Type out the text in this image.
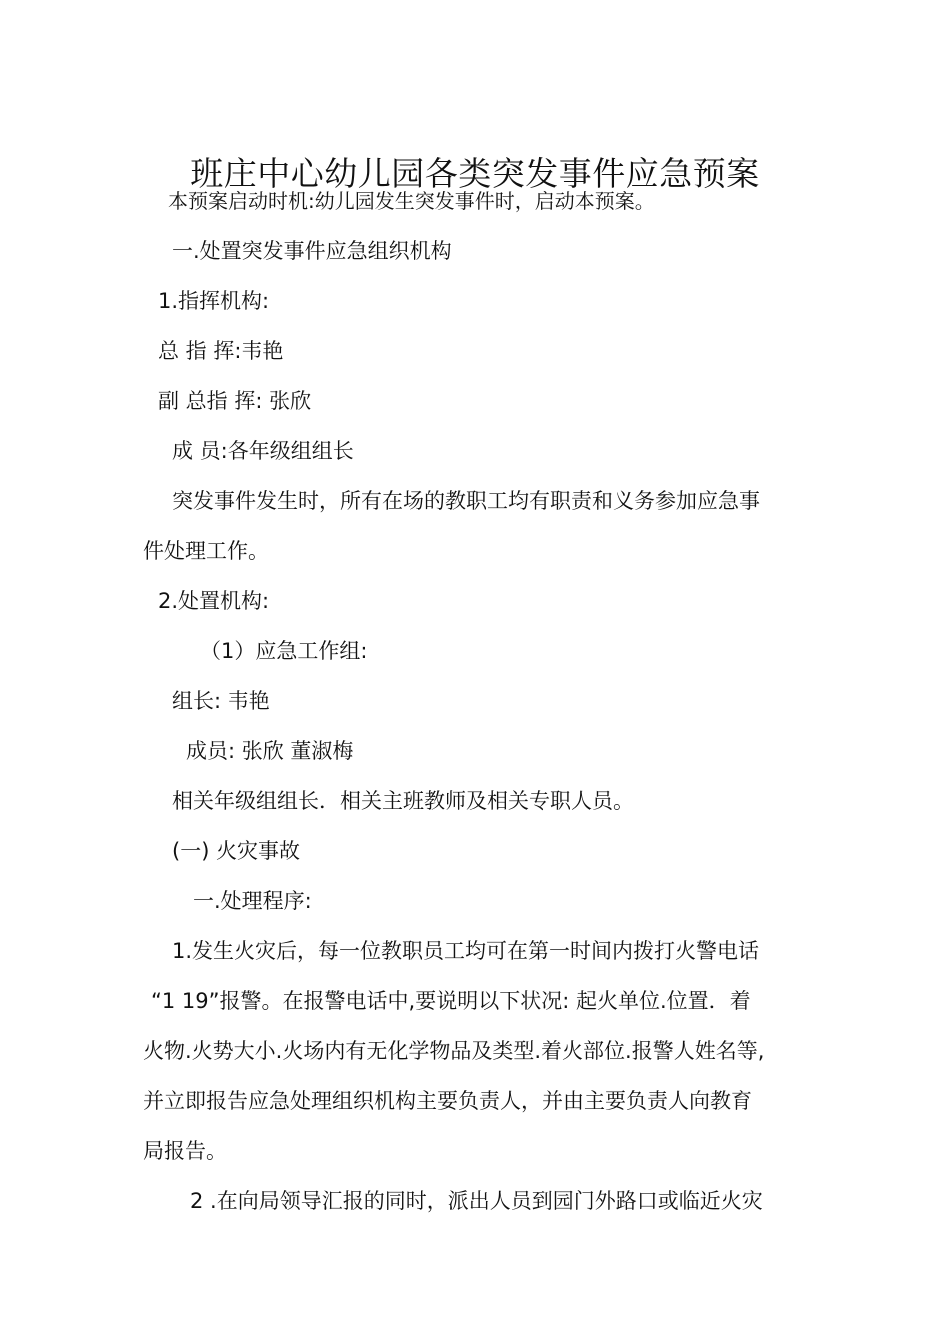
班庄中心幼儿园各类突发事件应急预案
本预案启动时机:幼儿园发生突发事件时，启动本预案。
一.处置突发事件应急组织机构
1.指挥机构:
总 指 挥:韦艳
副 总指 挥: 张欣
成 员:各年级组组长
突发事件发生时，所有在场的教职工均有职责和义务参加应急事
件处理工作。
2.处置机构:
（1）应急工作组:
组长: 韦艳
成员: 张欣 董淑梅
相关年级组组长．相关主班教师及相关专职人员。
(一) 火灾事故
一.处理程序:
1.发生火灾后，每一位教职员工均可在第一时间内拨打火警电话
“1 19”报警。在报警电话中,要说明以下状况: 起火单位.位置．着
火物.火势大小.火场内有无化学物品及类型.着火部位.报警人姓名等,
并立即报告应急处理组织机构主要负责人，并由主要负责人向教育
局报告。
2 .在向局领导汇报的同时，派出人员到园门外路口或临近火灾
